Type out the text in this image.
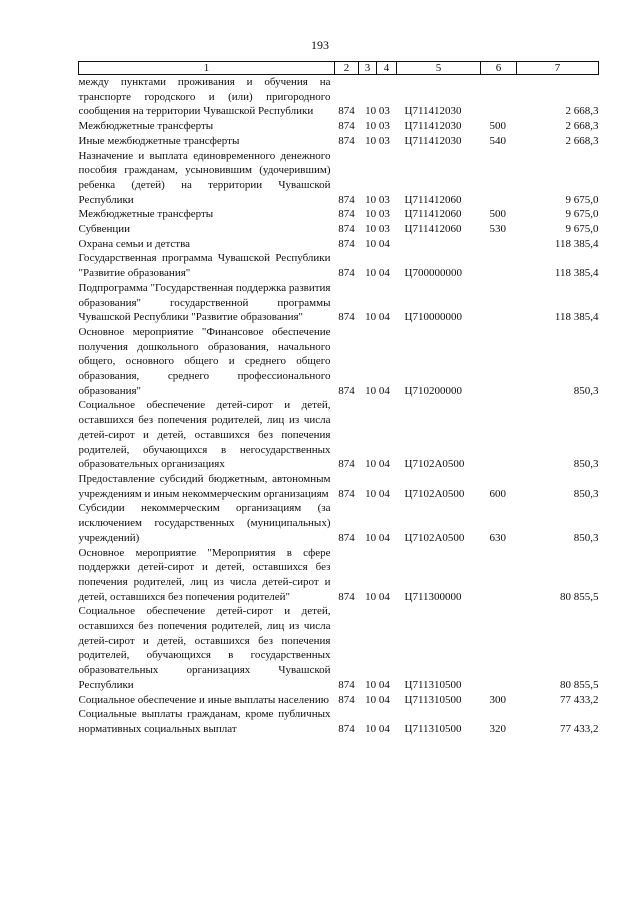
193
1	2	3	4	5	6	7
между пунктами проживания и обучения на транспорте городского и (или) пригородного сообщения на территории Чувашской Республики	874	10 03		Ц711412030		2 668,3
Межбюджетные трансферты	874	10 03		Ц711412030	500	2 668,3
Иные межбюджетные трансферты	874	10 03		Ц711412030	540	2 668,3
Назначение и выплата единовременного денежного пособия гражданам, усыновившим (удочерившим) ребенка (детей) на территории Чувашской Республики	874	10 03		Ц711412060		9 675,0
Межбюджетные трансферты	874	10 03		Ц711412060	500	9 675,0
Субвенции	874	10 03		Ц711412060	530	9 675,0
Охрана семьи и детства	874	10 04				118 385,4
Государственная программа Чувашской Республики "Развитие образования"	874	10 04		Ц700000000		118 385,4
Подпрограмма "Государственная поддержка развития образования" государственной программы Чувашской Республики "Развитие образования"	874	10 04		Ц710000000		118 385,4
Основное мероприятие "Финансовое обеспечение получения дошкольного образования, начального общего, основного общего и среднего общего образования, среднего профессионального образования"	874	10 04		Ц710200000		850,3
Социальное обеспечение детей-сирот и детей, оставшихся без попечения родителей, лиц из числа детей-сирот и детей, оставшихся без попечения родителей, обучающихся в негосударственных образовательных организациях	874	10 04		Ц7102А0500		850,3
Предоставление субсидий бюджетным, автономным учреждениям и иным некоммерческим организациям	874	10 04		Ц7102А0500	600	850,3
Субсидии некоммерческим организациям (за исключением государственных (муниципальных) учреждений)	874	10 04		Ц7102А0500	630	850,3
Основное мероприятие "Мероприятия в сфере поддержки детей-сирот и детей, оставшихся без попечения родителей, лиц из числа детей-сирот и детей, оставшихся без попечения родителей"	874	10 04		Ц711300000		80 855,5
Социальное обеспечение детей-сирот и детей, оставшихся без попечения родителей, лиц из числа детей-сирот и детей, оставшихся без попечения родителей, обучающихся в государственных образовательных организациях Чувашской Республики	874	10 04		Ц711310500		80 855,5
Социальное обеспечение и иные выплаты населению	874	10 04		Ц711310500	300	77 433,2
Социальные выплаты гражданам, кроме публичных нормативных социальных выплат	874	10 04		Ц711310500	320	77 433,2
